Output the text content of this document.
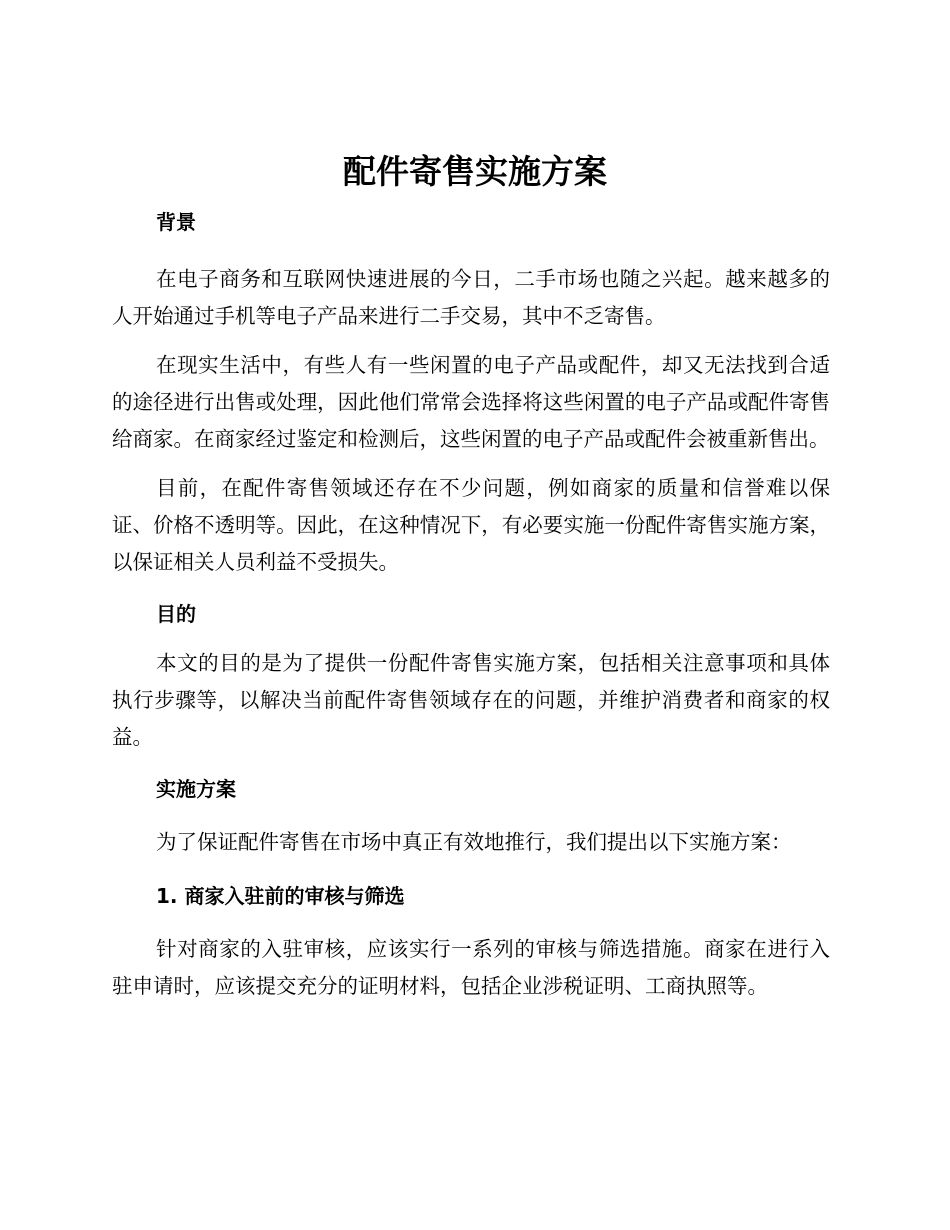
配件寄售实施方案
背景

在电子商务和互联网快速进展的今日，二手市场也随之兴起。越来越多的人开始通过手机等电子产品来进行二手交易，其中不乏寄售。

在现实生活中，有些人有一些闲置的电子产品或配件，却又无法找到合适的途径进行出售或处理，因此他们常常会选择将这些闲置的电子产品或配件寄售给商家。在商家经过鉴定和检测后，这些闲置的电子产品或配件会被重新售出。

目前，在配件寄售领域还存在不少问题，例如商家的质量和信誉难以保证、价格不透明等。因此，在这种情况下，有必要实施一份配件寄售实施方案，以保证相关人员利益不受损失。

目的

本文的目的是为了提供一份配件寄售实施方案，包括相关注意事项和具体执行步骤等，以解决当前配件寄售领域存在的问题，并维护消费者和商家的权益。

实施方案

为了保证配件寄售在市场中真正有效地推行，我们提出以下实施方案：

1. 商家入驻前的审核与筛选

针对商家的入驻审核，应该实行一系列的审核与筛选措施。商家在进行入驻申请时，应该提交充分的证明材料，包括企业涉税证明、工商执照等。
